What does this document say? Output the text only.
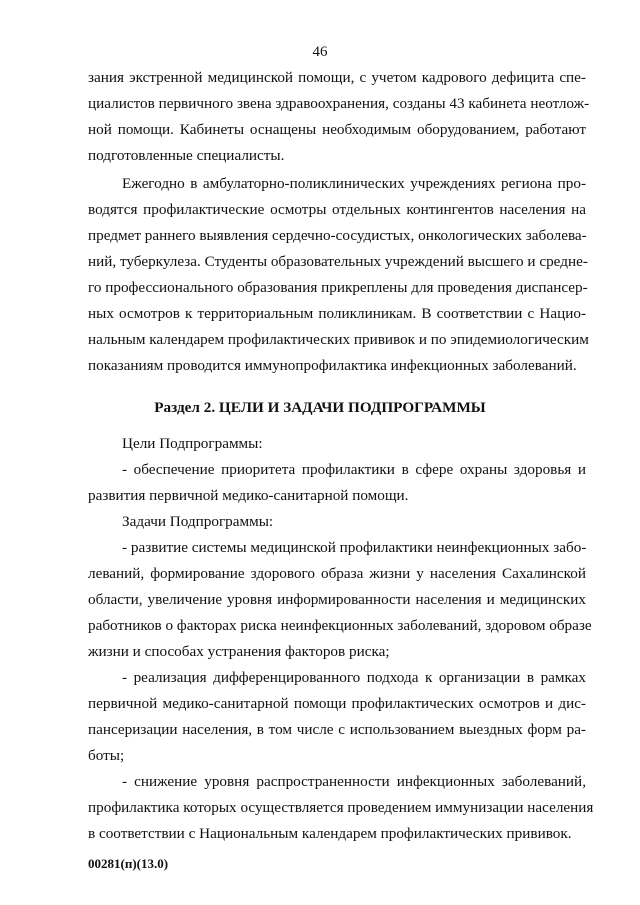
46
зания экстренной медицинской помощи, с учетом кадрового дефицита спе-
циалистов первичного звена здравоохранения, созданы 43 кабинета неотлож-
ной помощи. Кабинеты оснащены необходимым оборудованием, работают
подготовленные специалисты.
Ежегодно в амбулаторно-поликлинических учреждениях региона про-
водятся профилактические осмотры отдельных контингентов населения на
предмет раннего выявления сердечно-сосудистых, онкологических заболева-
ний, туберкулеза. Студенты образовательных учреждений высшего и средне-
го профессионального образования прикреплены для проведения диспансер-
ных осмотров к территориальным поликлиникам. В соответствии с Нацио-
нальным календарем профилактических прививок и по эпидемиологическим
показаниям проводится иммунопрофилактика инфекционных заболеваний.
Раздел 2. ЦЕЛИ И ЗАДАЧИ ПОДПРОГРАММЫ
Цели Подпрограммы:
- обеспечение приоритета профилактики в сфере охраны здоровья и
развития первичной медико-санитарной помощи.
Задачи Подпрограммы:
- развитие системы медицинской профилактики неинфекционных забо-
леваний, формирование здорового образа жизни у населения Сахалинской
области, увеличение уровня информированности населения и медицинских
работников о факторах риска неинфекционных заболеваний, здоровом образе
жизни и способах устранения факторов риска;
- реализация дифференцированного подхода к организации в рамках
первичной медико-санитарной помощи профилактических осмотров и дис-
пансеризации населения, в том числе с использованием выездных форм ра-
боты;
- снижение уровня распространенности инфекционных заболеваний,
профилактика которых осуществляется проведением иммунизации населения
в соответствии с Национальным календарем профилактических прививок.
00281(п)(13.0)
